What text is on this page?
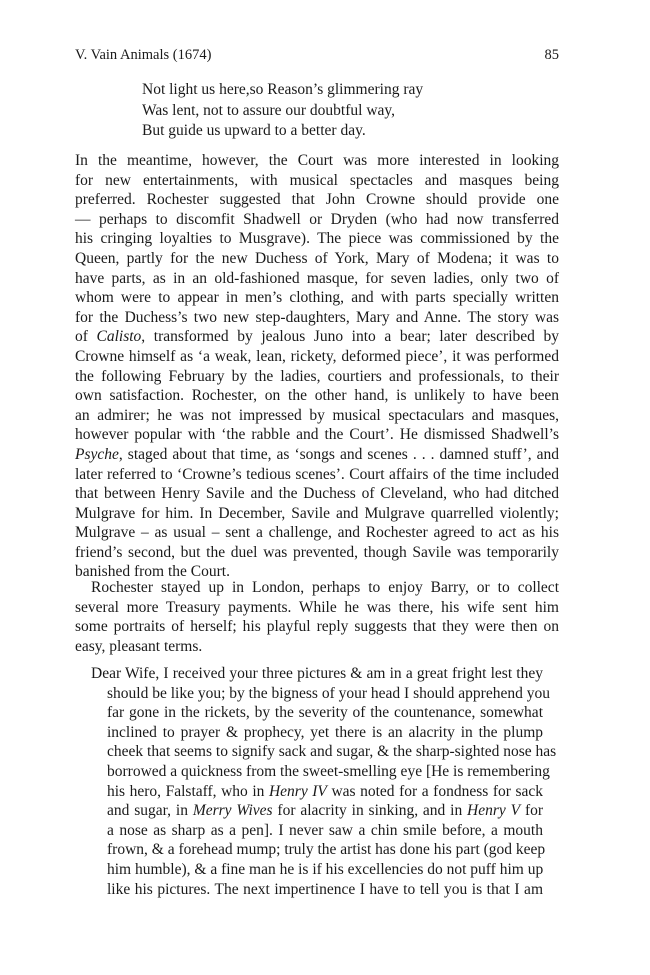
V. Vain Animals (1674)	85
Not light us here,so Reason’s glimmering ray
Was lent, not to assure our doubtful way,
But guide us upward to a better day.
In the meantime, however, the Court was more interested in looking
for new entertainments, with musical spectacles and masques being
preferred. Rochester suggested that John Crowne should provide one
— perhaps to discomfit Shadwell or Dryden (who had now transferred
his cringing loyalties to Musgrave). The piece was commissioned by the
Queen, partly for the new Duchess of York, Mary of Modena; it was to
have parts, as in an old-fashioned masque, for seven ladies, only two of
whom were to appear in men’s clothing, and with parts specially written
for the Duchess’s two new step-daughters, Mary and Anne. The story was
of Calisto, transformed by jealous Juno into a bear; later described by
Crowne himself as ‘a weak, lean, rickety, deformed piece’, it was performed
the following February by the ladies, courtiers and professionals, to their
own satisfaction. Rochester, on the other hand, is unlikely to have been
an admirer; he was not impressed by musical spectaculars and masques,
however popular with ‘the rabble and the Court’. He dismissed Shadwell’s
Psyche, staged about that time, as ‘songs and scenes . . . damned stuff’, and
later referred to ‘Crowne’s tedious scenes’. Court affairs of the time included
that between Henry Savile and the Duchess of Cleveland, who had ditched
Mulgrave for him. In December, Savile and Mulgrave quarrelled violently;
Mulgrave – as usual – sent a challenge, and Rochester agreed to act as his
friend’s second, but the duel was prevented, though Savile was temporarily
banished from the Court.
Rochester stayed up in London, perhaps to enjoy Barry, or to collect
several more Treasury payments. While he was there, his wife sent him
some portraits of herself; his playful reply suggests that they were then on
easy, pleasant terms.
Dear Wife, I received your three pictures & am in a great fright lest they
should be like you; by the bigness of your head I should apprehend you
far gone in the rickets, by the severity of the countenance, somewhat
inclined to prayer & prophecy, yet there is an alacrity in the plump
cheek that seems to signify sack and sugar, & the sharp-sighted nose has
borrowed a quickness from the sweet-smelling eye [He is remembering
his hero, Falstaff, who in Henry IV was noted for a fondness for sack
and sugar, in Merry Wives for alacrity in sinking, and in Henry V for
a nose as sharp as a pen]. I never saw a chin smile before, a mouth
frown, & a forehead mump; truly the artist has done his part (god keep
him humble), & a fine man he is if his excellencies do not puff him up
like his pictures. The next impertinence I have to tell you is that I am
